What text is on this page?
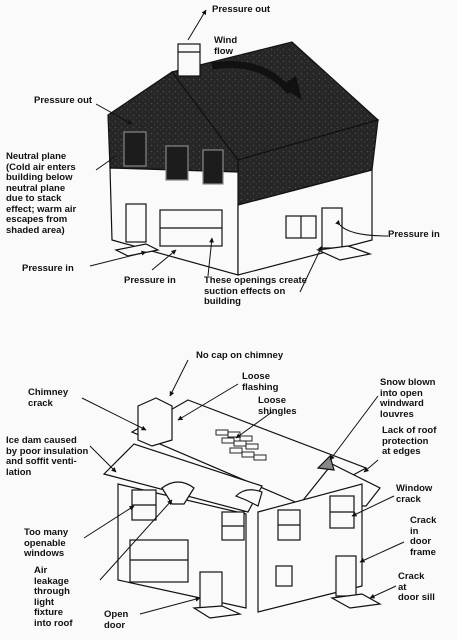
Pressure out

Wind
flow

Pressure out

Neutral plane
(Cold air enters
building below
neutral plane
due to stack
effect; warm air
escapes from
shaded area)	Pressure in

Pressure in

Pressure in	These openings create
suction effects on
building

No cap on chimney

Loose
flashing

Chimney
crack	Loose
shingles

Snow blown
into open
windward
louvres

Ice dam caused
by poor insulation
and soffit venti-
lation

Lack of roof
protection
at edges

Window
crack

Too many
openable
windows

Crack
in
door
frame

Air
leakage
through
light
fixture
into roof

Crack
at
door sill

Open
door
